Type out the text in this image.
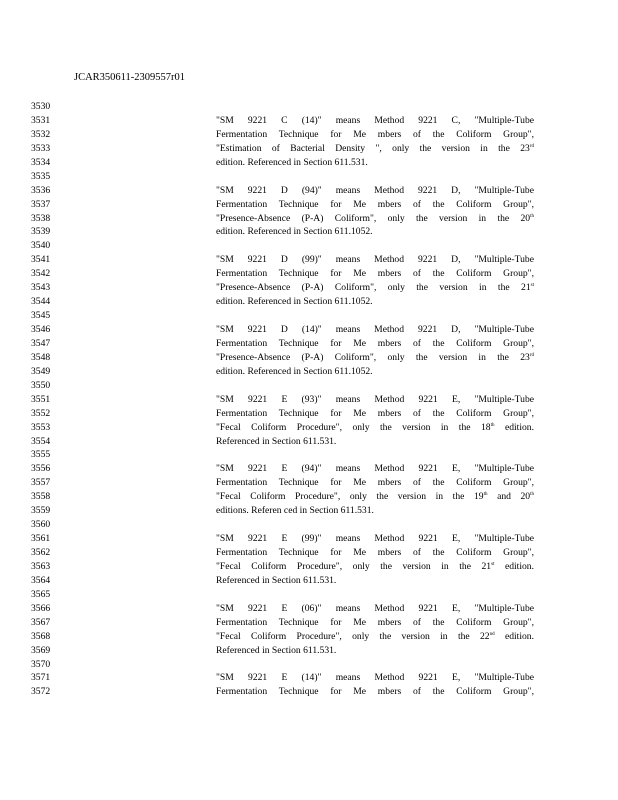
JCAR350611-2309557r01
3530
3531
3532
3533
3534
3535
3536
3537
3538
3539
3540
3541
3542
3543
3544
3545
3546
3547
3548
3549
3550
3551
3552
3553
3554
3555
3556
3557
3558
3559
3560
3561
3562
3563
3564
3565
3566
3567
3568
3569
3570
3571
3572
"SM 9221 C (14)" means Method 9221 C, "Multiple-Tube
Fermentation Technique for Me mbers of the Coliform Group",
"Estimation of Bacterial Density ", only the version in the 23rd
edition. Referenced in Section 611.531.
"SM 9221 D (94)" means Method 9221 D, "Multiple-Tube
Fermentation Technique for Me mbers of the Coliform Group",
"Presence-Absence (P-A) Coliform", only the version in the 20th
edition. Referenced in Section 611.1052.
"SM 9221 D (99)" means Method 9221 D, "Multiple-Tube
Fermentation Technique for Me mbers of the Coliform Group",
"Presence-Absence (P-A) Coliform", only the version in the 21st
edition. Referenced in Section 611.1052.
"SM 9221 D (14)" means Method 9221 D, "Multiple-Tube
Fermentation Technique for Me mbers of the Coliform Group",
"Presence-Absence (P-A) Coliform", only the version in the 23rd
edition. Referenced in Section 611.1052.
"SM 9221 E (93)" means Method 9221 E, "Multiple-Tube
Fermentation Technique for Me mbers of the Coliform Group",
"Fecal Coliform Procedure", only the version in the 18th edition.
Referenced in Section 611.531.
"SM 9221 E (94)" means Method 9221 E, "Multiple-Tube
Fermentation Technique for Me mbers of the Coliform Group",
"Fecal Coliform Procedure", only the version in the 19th and 20th
editions. Referen ced in Section 611.531.
"SM 9221 E (99)" means Method 9221 E, "Multiple-Tube
Fermentation Technique for Me mbers of the Coliform Group",
"Fecal Coliform Procedure", only the version in the 21st edition.
Referenced in Section 611.531.
"SM 9221 E (06)" means Method 9221 E, "Multiple-Tube
Fermentation Technique for Me mbers of the Coliform Group",
"Fecal Coliform Procedure", only the version in the 22nd edition.
Referenced in Section 611.531.
"SM 9221 E (14)" means Method 9221 E, "Multiple-Tube
Fermentation Technique for Me mbers of the Coliform Group",
